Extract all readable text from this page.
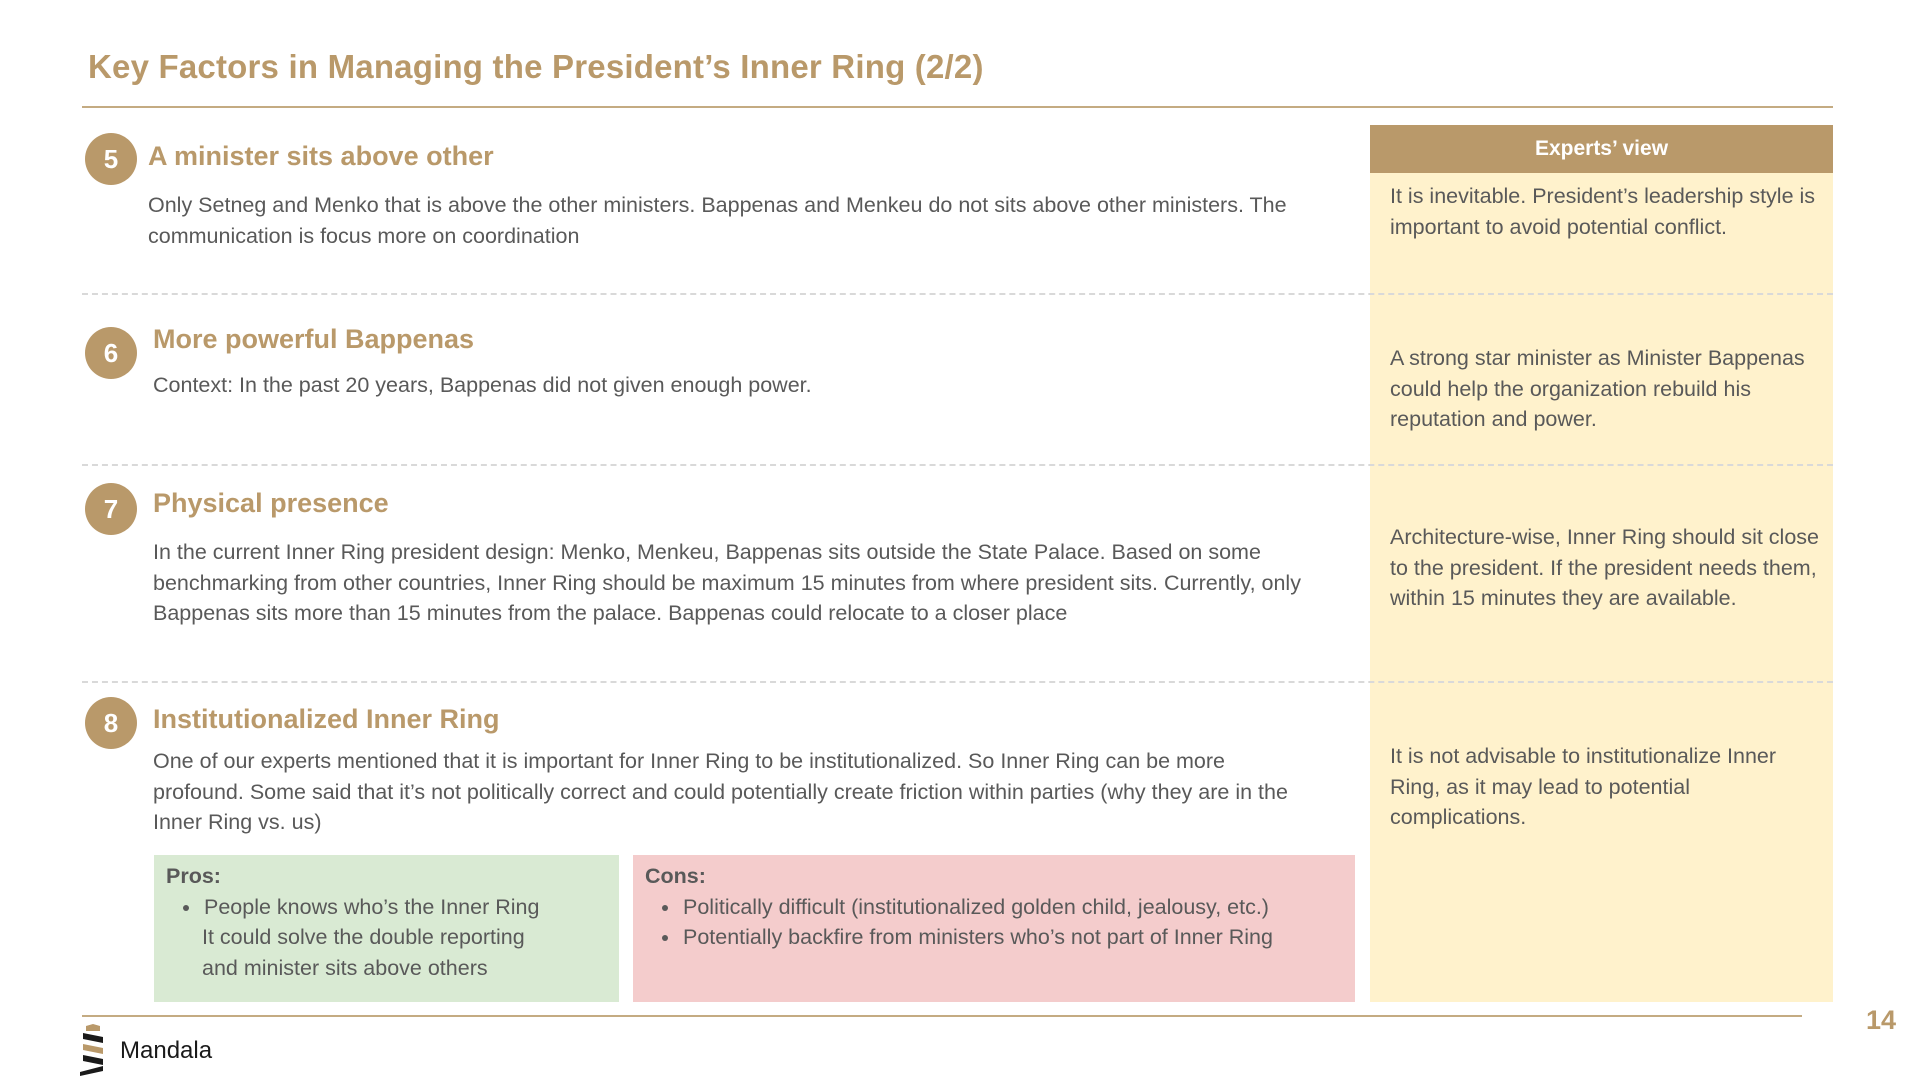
Key Factors in Managing the President’s Inner Ring (2/2)
Experts’ view
It is inevitable. President’s leadership style is important to avoid potential conflict.
A strong star minister as Minister Bappenas could help the organization rebuild his reputation and power.
Architecture-wise, Inner Ring should sit close to the president. If the president needs them, within 15 minutes they are available.
It is not advisable to institutionalize Inner Ring, as it may lead to potential complications.
5	A minister sits above other
Only Setneg and Menko that is above the other ministers. Bappenas and Menkeu do not sits above other ministers. The communication is focus more on coordination
6	More powerful Bappenas
Context: In the past 20 years, Bappenas did not given enough power.
7	Physical presence
In the current Inner Ring president design: Menko, Menkeu, Bappenas sits outside the State Palace. Based on some benchmarking from other countries, Inner Ring should be maximum 15 minutes from where president sits. Currently, only Bappenas sits more than 15 minutes from the palace. Bappenas could relocate to a closer place
8	Institutionalized Inner Ring
One of our experts mentioned that it is important for Inner Ring to be institutionalized. So Inner Ring can be more profound. Some said that it’s not politically correct and could potentially create friction within parties (why they are in the Inner Ring vs. us)
Pros:
• People knows who’s the Inner Ring
It could solve the double reporting
and minister sits above others
Cons:
• Politically difficult (institutionalized golden child, jealousy, etc.)
• Potentially backfire from ministers who’s not part of Inner Ring
14
Mandala
